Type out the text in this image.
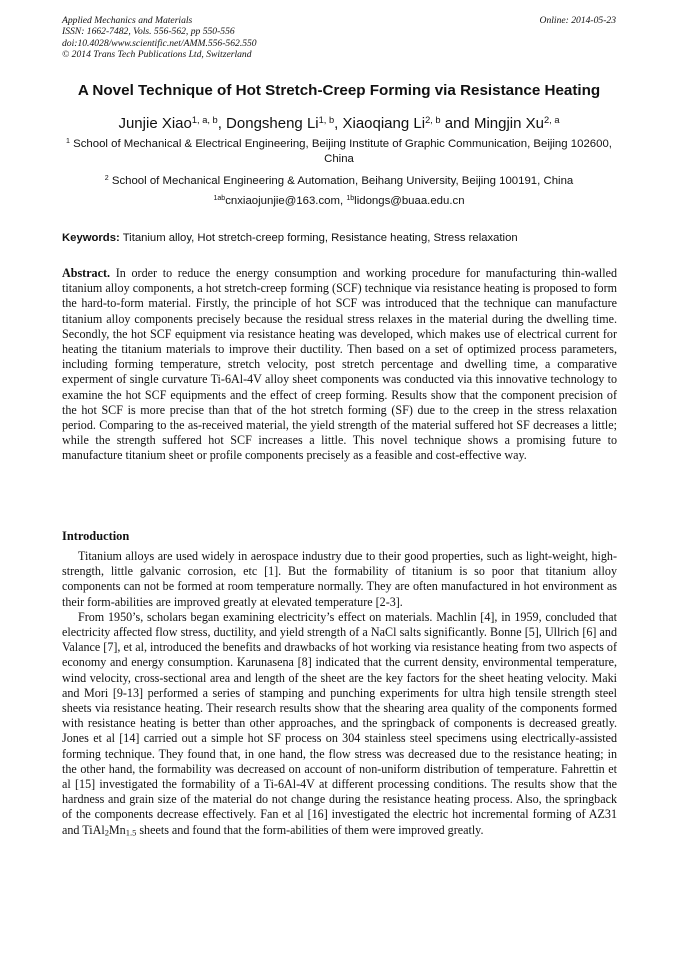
Applied Mechanics and Materials
ISSN: 1662-7482, Vols. 556-562, pp 550-556
doi:10.4028/www.scientific.net/AMM.556-562.550
© 2014 Trans Tech Publications Ltd, Switzerland
Online: 2014-05-23
A Novel Technique of Hot Stretch-Creep Forming via Resistance Heating
Junjie Xiao$^{1, a, b}$, Dongsheng Li$^{1, b}$, Xiaoqiang Li$^{2, b}$ and Mingjin Xu$^{2, a}$
$^1$ School of Mechanical & Electrical Engineering, Beijing Institute of Graphic Communication, Beijing 102600, China
$^2$ School of Mechanical Engineering & Automation, Beihang University, Beijing 100191, China
$^{1ab}$cnxiaojunjie@163.com, $^{1b}$lidongs@buaa.edu.cn
Keywords: Titanium alloy, Hot stretch-creep forming, Resistance heating, Stress relaxation
Abstract. In order to reduce the energy consumption and working procedure for manufacturing thin-walled titanium alloy components, a hot stretch-creep forming (SCF) technique via resistance heating is proposed to form the hard-to-form material. Firstly, the principle of hot SCF was introduced that the technique can manufacture titanium alloy components precisely because the residual stress relaxes in the material during the dwelling time. Secondly, the hot SCF equipment via resistance heating was developed, which makes use of electrical current for heating the titanium materials to improve their ductility. Then based on a set of optimized process parameters, including forming temperature, stretch velocity, post stretch percentage and dwelling time, a comparative experment of single curvature Ti-6Al-4V alloy sheet components was conducted via this innovative technology to examine the hot SCF equipments and the effect of creep forming. Results show that the component precision of the hot SCF is more precise than that of the hot stretch forming (SF) due to the creep in the stress relaxation period. Comparing to the as-received material, the yield strength of the material suffered hot SF decreases a little; while the strength suffered hot SCF increases a little. This novel technique shows a promising future to manufacture titanium sheet or profile components precisely as a feasible and cost-effective way.
Introduction

Titanium alloys are used widely in aerospace industry due to their good properties, such as light-weight, high-strength, little galvanic corrosion, etc [1]. But the formability of titanium is so poor that titanium alloy components can not be formed at room temperature normally. They are often manufactured in hot environment as their form-abilities are improved greatly at elevated temperature [2-3].

From 1950’s, scholars began examining electricity’s effect on materials. Machlin [4], in 1959, concluded that electricity affected flow stress, ductility, and yield strength of a NaCl salts significantly. Bonne [5], Ullrich [6] and Valance [7], et al, introduced the benefits and drawbacks of hot working via resistance heating from two aspects of economy and energy consumption. Karunasena [8] indicated that the current density, environmental temperature, wind velocity, cross-sectional area and length of the sheet are the key factors for the sheet heating velocity. Maki and Mori [9-13] performed a series of stamping and punching experiments for ultra high tensile strength steel sheets via resistance heating. Their research results show that the shearing area quality of the components formed with resistance heating is better than other approaches, and the springback of components is decreased greatly. Jones et al [14] carried out a simple hot SF process on 304 stainless steel specimens using electrically-assisted forming technique. They found that, in one hand, the flow stress was decreased due to the resistance heating; in the other hand, the formability was decreased on account of non-uniform distribution of temperature. Fahrettin et al [15] investigated the formability of a Ti-6Al-4V at different processing conditions. The results show that the hardness and grain size of the material do not change during the resistance heating process. Also, the springback of the components decrease effectively. Fan et al [16] investigated the electric hot incremental forming of AZ31 and $TiAl_2Mn_{1.5}$ sheets and found that the form-abilities of them were improved greatly.
